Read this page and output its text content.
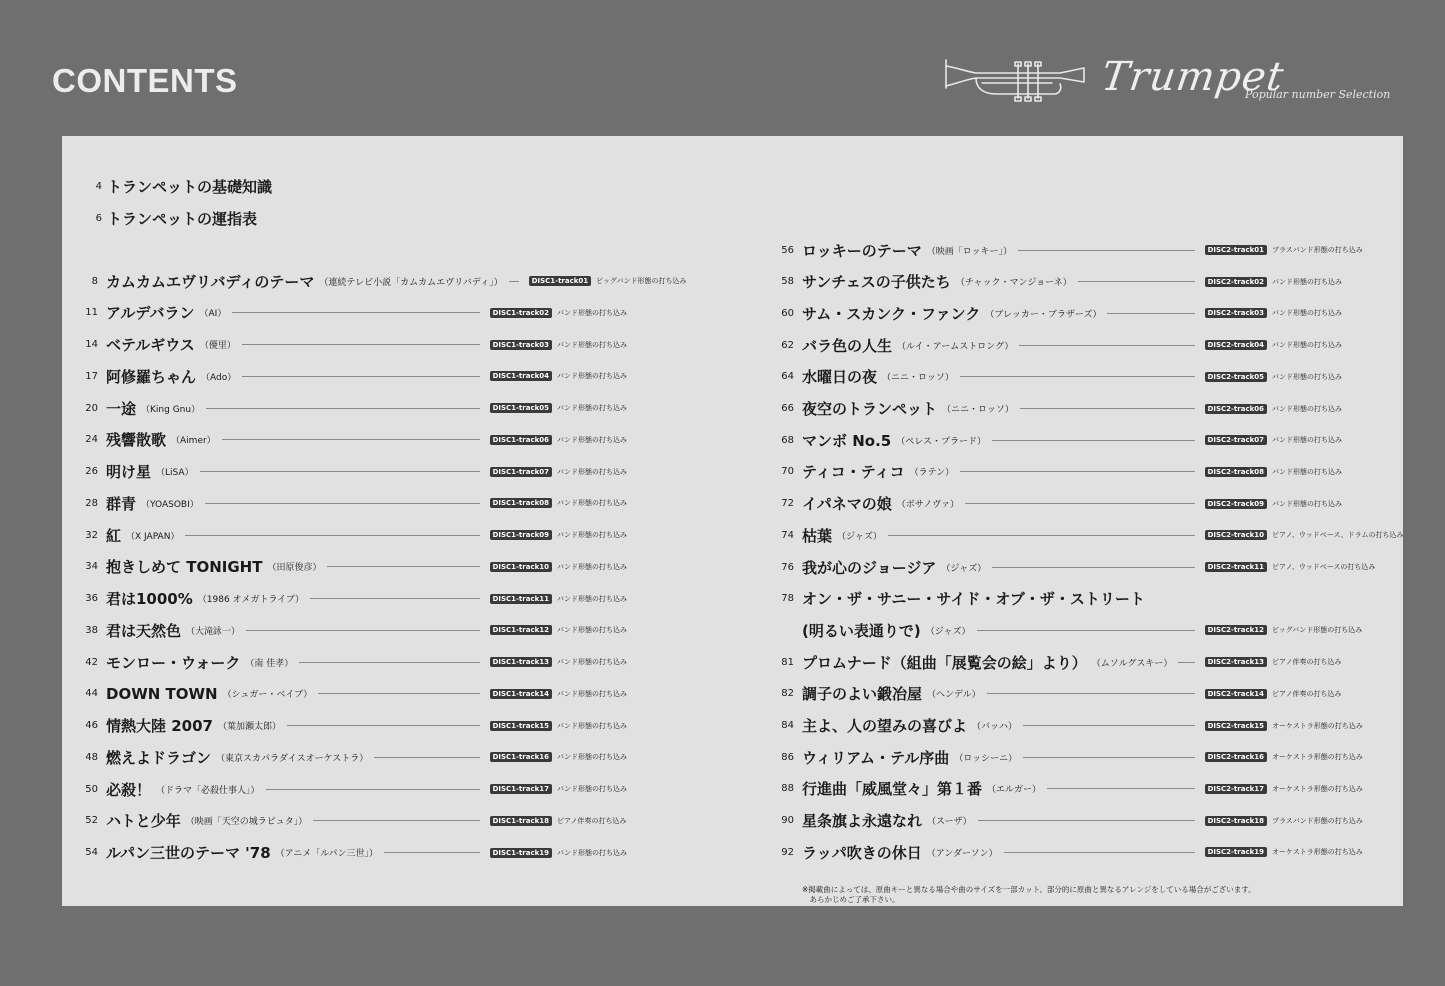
CONTENTS	Trumpet
Popular number Selection
4 トランペットの基礎知識
6 トランペットの運指表
8 カムカムエヴリバディのテーマ （連続テレビ小説「カムカムエヴリバディ」）	DISC1-track01	ビッグバンド形態の打ち込み
11 アルデバラン （AI）	DISC1-track02	バンド形態の打ち込み
14 ベテルギウス （優里）	DISC1-track03	バンド形態の打ち込み
17 阿修羅ちゃん （Ado）	DISC1-track04	バンド形態の打ち込み
20 一途 （King Gnu）	DISC1-track05	バンド形態の打ち込み
24 残響散歌 （Aimer）	DISC1-track06	バンド形態の打ち込み
26 明け星 （LiSA）	DISC1-track07	バンド形態の打ち込み
28 群青 （YOASOBI）	DISC1-track08	バンド形態の打ち込み
32 紅 （X JAPAN）	DISC1-track09	バンド形態の打ち込み
34 抱きしめて TONIGHT （田原俊彦）	DISC1-track10	バンド形態の打ち込み
36 君は1000% （1986 オメガトライブ）	DISC1-track11	バンド形態の打ち込み
38 君は天然色 （大滝詠一）	DISC1-track12	バンド形態の打ち込み
42 モンロー・ウォーク （南 佳孝）	DISC1-track13	バンド形態の打ち込み
44 DOWN TOWN （シュガー・ベイブ）	DISC1-track14	バンド形態の打ち込み
46 情熱大陸 2007 （葉加瀬太郎）	DISC1-track15	バンド形態の打ち込み
48 燃えよドラゴン （東京スカパラダイスオーケストラ）	DISC1-track16	バンド形態の打ち込み
50 必殺！ （ドラマ「必殺仕事人」）	DISC1-track17	バンド形態の打ち込み
52 ハトと少年 （映画「天空の城ラピュタ」）	DISC1-track18	ピアノ伴奏の打ち込み
54 ルパン三世のテーマ '78 （アニメ「ルパン三世」）	DISC1-track19	バンド形態の打ち込み
56 ロッキーのテーマ （映画「ロッキー」）	DISC2-track01	ブラスバンド形態の打ち込み
58 サンチェスの子供たち （チャック・マンジョーネ）	DISC2-track02	バンド形態の打ち込み
60 サム・スカンク・ファンク （ブレッカー・ブラザーズ）	DISC2-track03	バンド形態の打ち込み
62 バラ色の人生 （ルイ・アームストロング）	DISC2-track04	バンド形態の打ち込み
64 水曜日の夜 （ニニ・ロッソ）	DISC2-track05	バンド形態の打ち込み
66 夜空のトランペット （ニニ・ロッソ）	DISC2-track06	バンド形態の打ち込み
68 マンボ No.5 （ペレス・プラード）	DISC2-track07	バンド形態の打ち込み
70 ティコ・ティコ （ラテン）	DISC2-track08	バンド形態の打ち込み
72 イパネマの娘 （ボサノヴァ）	DISC2-track09	バンド形態の打ち込み
74 枯葉 （ジャズ）	DISC2-track10	ピアノ、ウッドベース、ドラムの打ち込み
76 我が心のジョージア （ジャズ）	DISC2-track11	ピアノ、ウッドベースの打ち込み
78 オン・ザ・サニー・サイド・オブ・ザ・ストリート
(明るい表通りで) （ジャズ）	DISC2-track12	ビッグバンド形態の打ち込み
81 プロムナード（組曲「展覧会の絵」より） （ムソルグスキー）	DISC2-track13	ピアノ伴奏の打ち込み
82 調子のよい鍛冶屋 （ヘンデル）	DISC2-track14	ピアノ伴奏の打ち込み
84 主よ、人の望みの喜びよ （バッハ）	DISC2-track15	オーケストラ形態の打ち込み
86 ウィリアム・テル序曲 （ロッシーニ）	DISC2-track16	オーケストラ形態の打ち込み
88 行進曲「威風堂々」第１番 （エルガー）	DISC2-track17	オーケストラ形態の打ち込み
90 星条旗よ永遠なれ （スーザ）	DISC2-track18	ブラスバンド形態の打ち込み
92 ラッパ吹きの休日 （アンダーソン）	DISC2-track19	オーケストラ形態の打ち込み
※掲載曲によっては、原曲キーと異なる場合や曲のサイズを一部カット、部分的に原曲と異なるアレンジをしている場合がございます。
　あらかじめご了承下さい。
